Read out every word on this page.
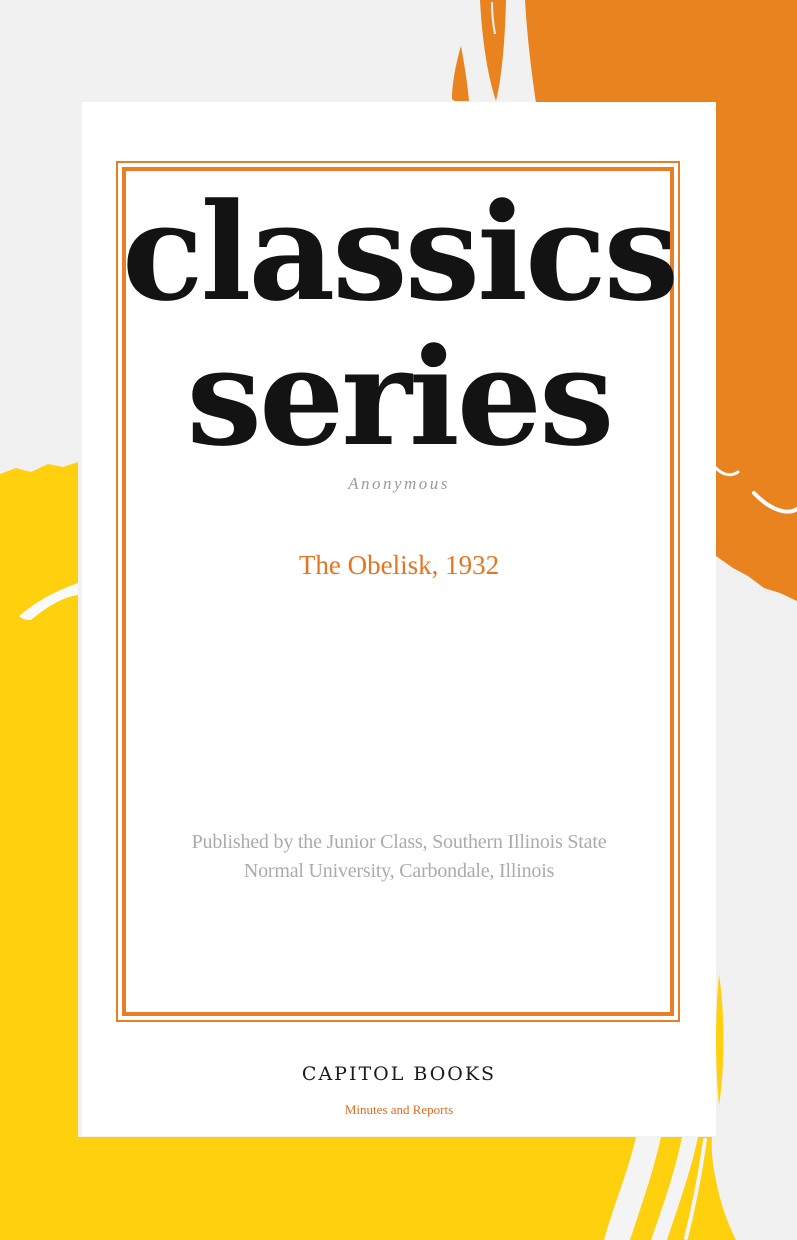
classics
series
Anonymous
The Obelisk, 1932
Published by the Junior Class, Southern Illinois State
Normal University, Carbondale, Illinois
CAPITOL BOOKS
Minutes and Reports
